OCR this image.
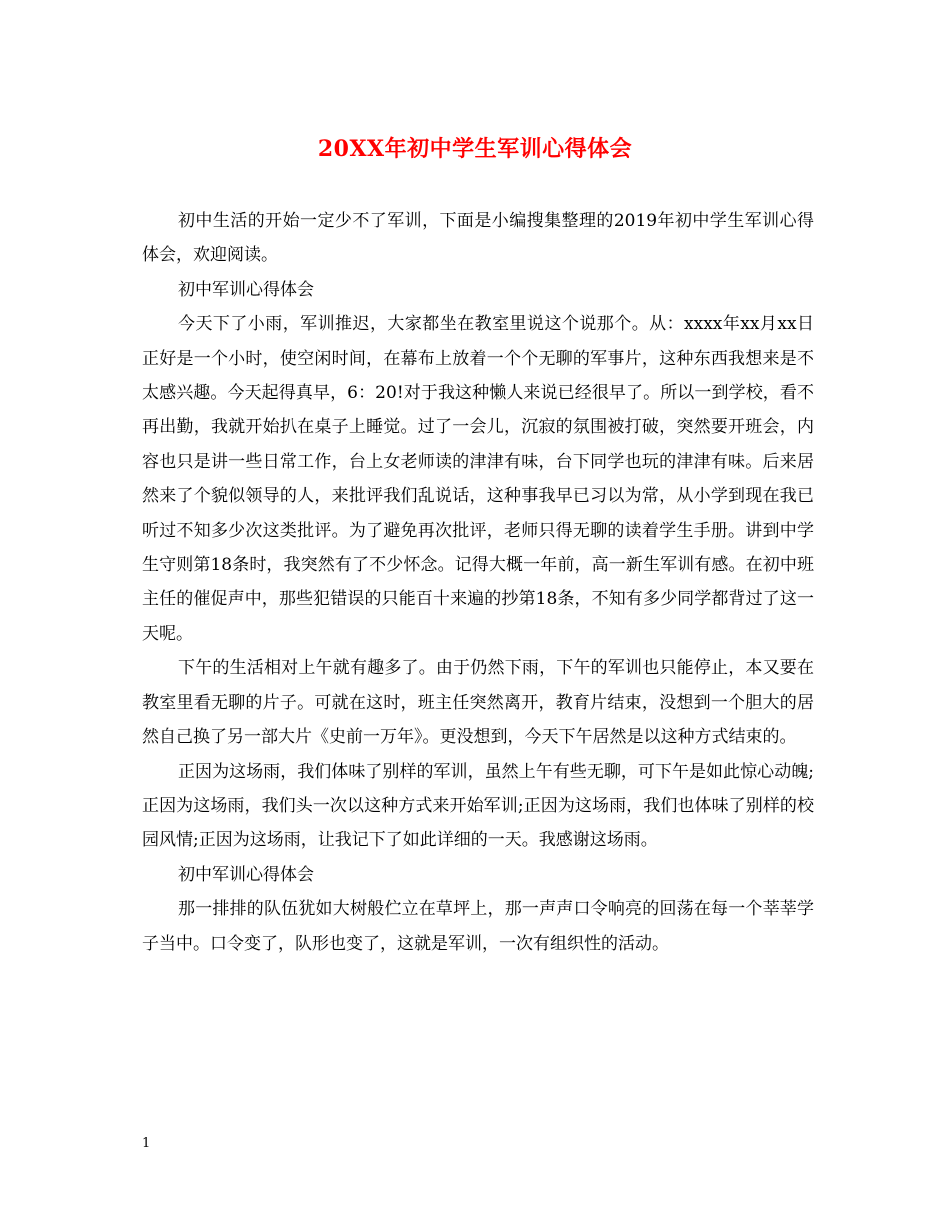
20XX年初中学生军训心得体会

初中生活的开始一定少不了军训，下面是小编搜集整理的2019年初中学生军训心得体会，欢迎阅读。

初中军训心得体会

今天下了小雨，军训推迟，大家都坐在教室里说这个说那个。从：xxxx年xx月xx日正好是一个小时，使空闲时间，在幕布上放着一个个无聊的军事片，这种东西我想来是不太感兴趣。今天起得真早，6：20!对于我这种懒人来说已经很早了。所以一到学校，看不再出勤，我就开始扒在桌子上睡觉。过了一会儿，沉寂的氛围被打破，突然要开班会，内容也只是讲一些日常工作，台上女老师读的津津有味，台下同学也玩的津津有味。后来居然来了个貌似领导的人，来批评我们乱说话，这种事我早已习以为常，从小学到现在我已听过不知多少次这类批评。为了避免再次批评，老师只得无聊的读着学生手册。讲到中学生守则第18条时，我突然有了不少怀念。记得大概一年前，高一新生军训有感。在初中班主任的催促声中，那些犯错误的只能百十来遍的抄第18条，不知有多少同学都背过了这一天呢。

下午的生活相对上午就有趣多了。由于仍然下雨，下午的军训也只能停止，本又要在教室里看无聊的片子。可就在这时，班主任突然离开，教育片结束，没想到一个胆大的居然自己换了另一部大片《史前一万年》。更没想到，今天下午居然是以这种方式结束的。

正因为这场雨，我们体味了别样的军训，虽然上午有些无聊，可下午是如此惊心动魄;正因为这场雨，我们头一次以这种方式来开始军训;正因为这场雨，我们也体味了别样的校园风情;正因为这场雨，让我记下了如此详细的一天。我感谢这场雨。

初中军训心得体会

那一排排的队伍犹如大树般伫立在草坪上，那一声声口令响亮的回荡在每一个莘莘学子当中。口令变了，队形也变了，这就是军训，一次有组织性的活动。

1
